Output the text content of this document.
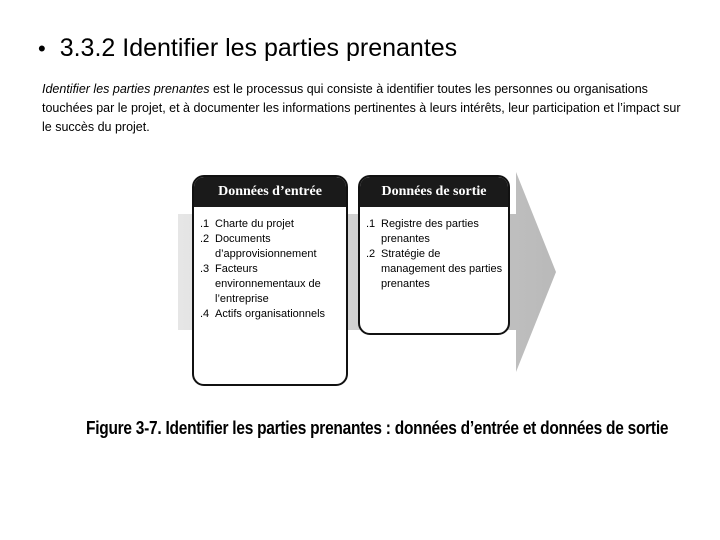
• 3.3.2 Identifier les parties prenantes
Identifier les parties prenantes est le processus qui consiste à identifier toutes les personnes ou organisations touchées par le projet, et à documenter les informations pertinentes à leurs intérêts, leur participation et l’impact sur le succès du projet.
Données d’entrée
.1 Charte du projet
.2 Documents d’approvisionnement
.3 Facteurs environnementaux de l’entreprise
.4 Actifs organisationnels
Données de sortie
.1 Registre des parties prenantes
.2 Stratégie de management des parties prenantes
Figure 3-7. Identifier les parties prenantes : données d’entrée et données de sortie
